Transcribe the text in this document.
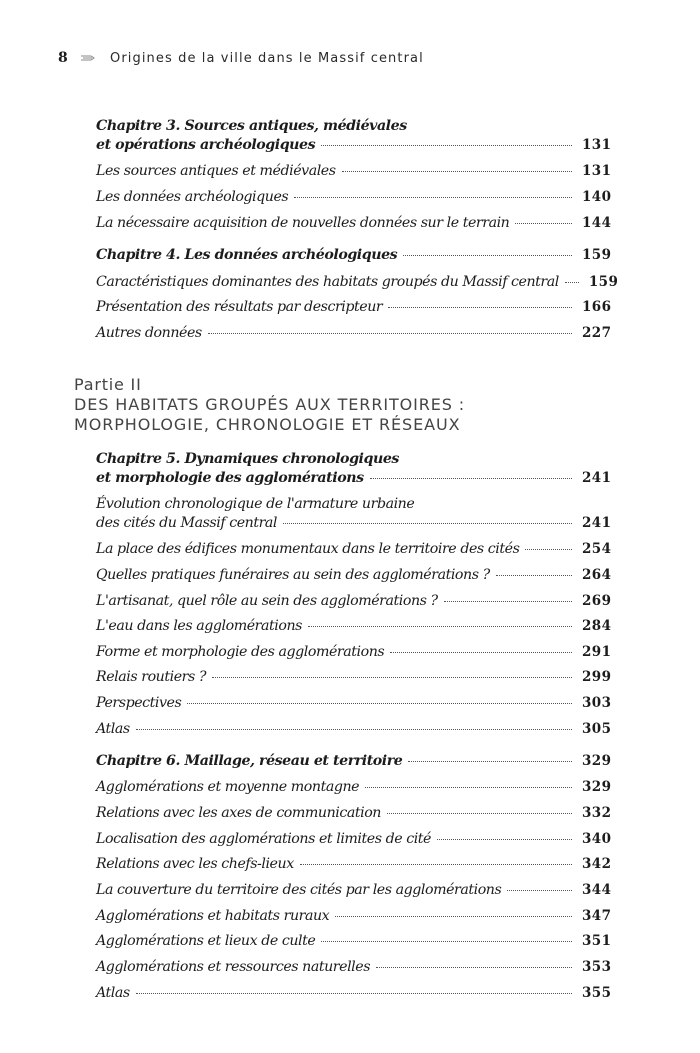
8	Origines de la ville dans le Massif central
Chapitre 3. Sources antiques, médiévales
et opérations archéologiques	131
Les sources antiques et médiévales	131
Les données archéologiques	140
La nécessaire acquisition de nouvelles données sur le terrain	144
Chapitre 4. Les données archéologiques	159
Caractéristiques dominantes des habitats groupés du Massif central 159
Présentation des résultats par descripteur	166
Autres données	227
Chapitre 5. Dynamiques chronologiques
et morphologie des agglomérations	241
Évolution chronologique de l'armature urbaine
des cités du Massif central	241
La place des édifices monumentaux dans le territoire des cités	254
Quelles pratiques funéraires au sein des agglomérations ?	264
L'artisanat, quel rôle au sein des agglomérations ?	269
L'eau dans les agglomérations	284
Forme et morphologie des agglomérations	291
Relais routiers ?	299
Perspectives	303
Atlas	305
Chapitre 6. Maillage, réseau et territoire	329
Agglomérations et moyenne montagne	329
Relations avec les axes de communication	332
Localisation des agglomérations et limites de cité	340
Relations avec les chefs-lieux	342
La couverture du territoire des cités par les agglomérations	344
Agglomérations et habitats ruraux	347
Agglomérations et lieux de culte	351
Agglomérations et ressources naturelles	353
Atlas	355
Partie II
DES HABITATS GROUPÉS AUX TERRITOIRES :
MORPHOLOGIE, CHRONOLOGIE ET RÉSEAUX
